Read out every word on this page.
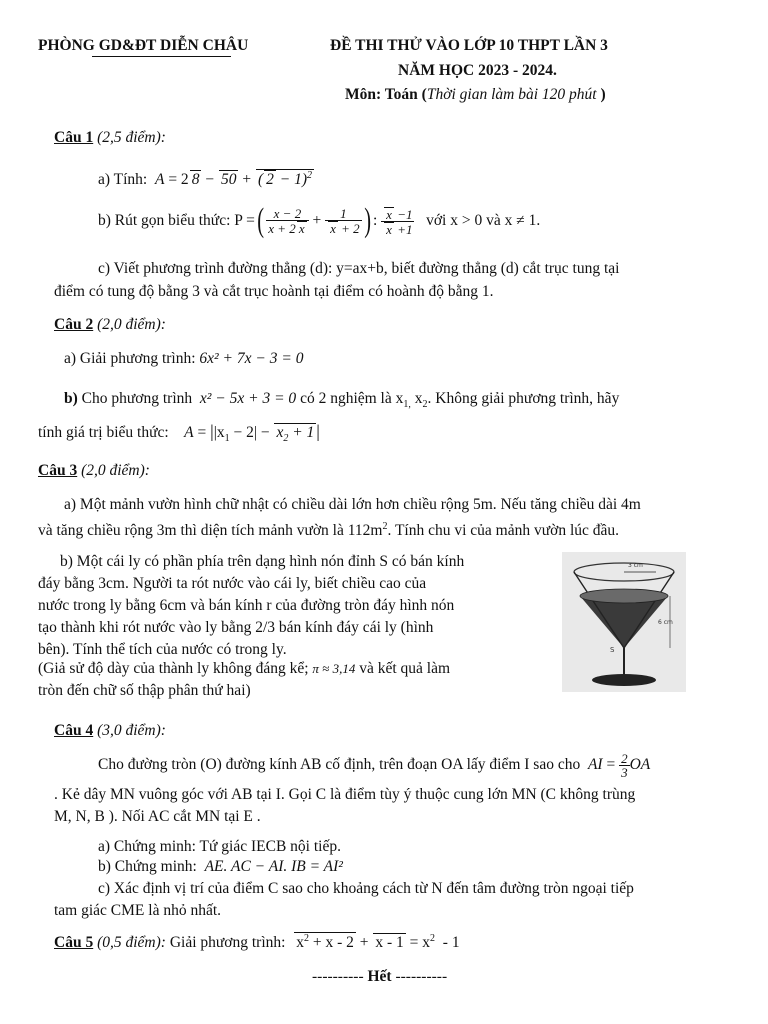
PHÒNG GD&ĐT DIỄN CHÂU	ĐỀ THI THỬ VÀO LỚP 10 THPT LẦN 3
NĂM HỌC 2023 - 2024.
Môn: Toán (Thời gian làm bài 120 phút )
Câu 1 (2,5 điểm):
a) Tính:  A = 2 8 − 50 + ( 2 − 1)$^2$
b) Rút gọn biểu thức: P =( $\frac{x - 2}{x + 2 x} + \frac{1}{x + 2}$ ) : $\frac{x -1}{x +1}$ với x > 0 và x ≠ 1.
c) Viết phương trình đường thẳng (d): y=ax+b, biết đường thẳng (d) cắt trục tung tại
điểm có tung độ bằng 3 và cắt trục hoành tại điểm có hoành độ bằng 1.
Câu 2 (2,0 điểm):
a) Giải phương trình: 6x² + 7x − 3 = 0
b) Cho phương trình x² − 5x + 3 = 0 có 2 nghiệm là $x_{1,}$ $x_2$. Không giải phương trình, hãy
tính giá trị biểu thức: $A = ||x_1 - 2| - x_2 + 1$ |
Câu 3 (2,0 điểm):
a) Một mảnh vườn hình chữ nhật có chiều dài lớn hơn chiều rộng 5m. Nếu tăng chiều dài 4m
và tăng chiều rộng 3m thì diện tích mảnh vườn là $112m^2$. Tính chu vi của mảnh vườn lúc đầu.
b) Một cái ly có phần phía trên dạng hình nón đỉnh S có bán kính
đáy bằng 3cm. Người ta rót nước vào cái ly, biết chiều cao của
nước trong ly bằng 6cm và bán kính r của đường tròn đáy hình nón
tạo thành khi rót nước vào ly bằng 2/3 bán kính đáy cái ly (hình
bên). Tính thể tích của nước có trong ly.
(Giả sử độ dày của thành ly không đáng kể; π ≈ 3,14 và kết quả làm
tròn đến chữ số thập phân thứ hai)
3 cm
6 cm
S
Câu 4 (3,0 điểm):
Cho đường tròn (O) đường kính AB cố định, trên đoạn OA lấy điểm I sao cho AI = $\frac{2}{3}$ OA
. Kẻ dây MN vuông góc với AB tại I. Gọi C là điểm tùy ý thuộc cung lớn MN (C không trùng
M, N, B ). Nối AC cắt MN tại E .
a) Chứng minh: Tứ giác IECB nội tiếp.
b) Chứng minh: AE. AC − AI. IB = AI²
c) Xác định vị trí của điểm C sao cho khoảng cách từ N đến tâm đường tròn ngoại tiếp
tam giác CME là nhỏ nhất.
Câu 5 (0,5 điểm): Giải phương trình: $x^2 + x - 2 + x - 1 = x^2 - 1$
---------- Hết ----------
